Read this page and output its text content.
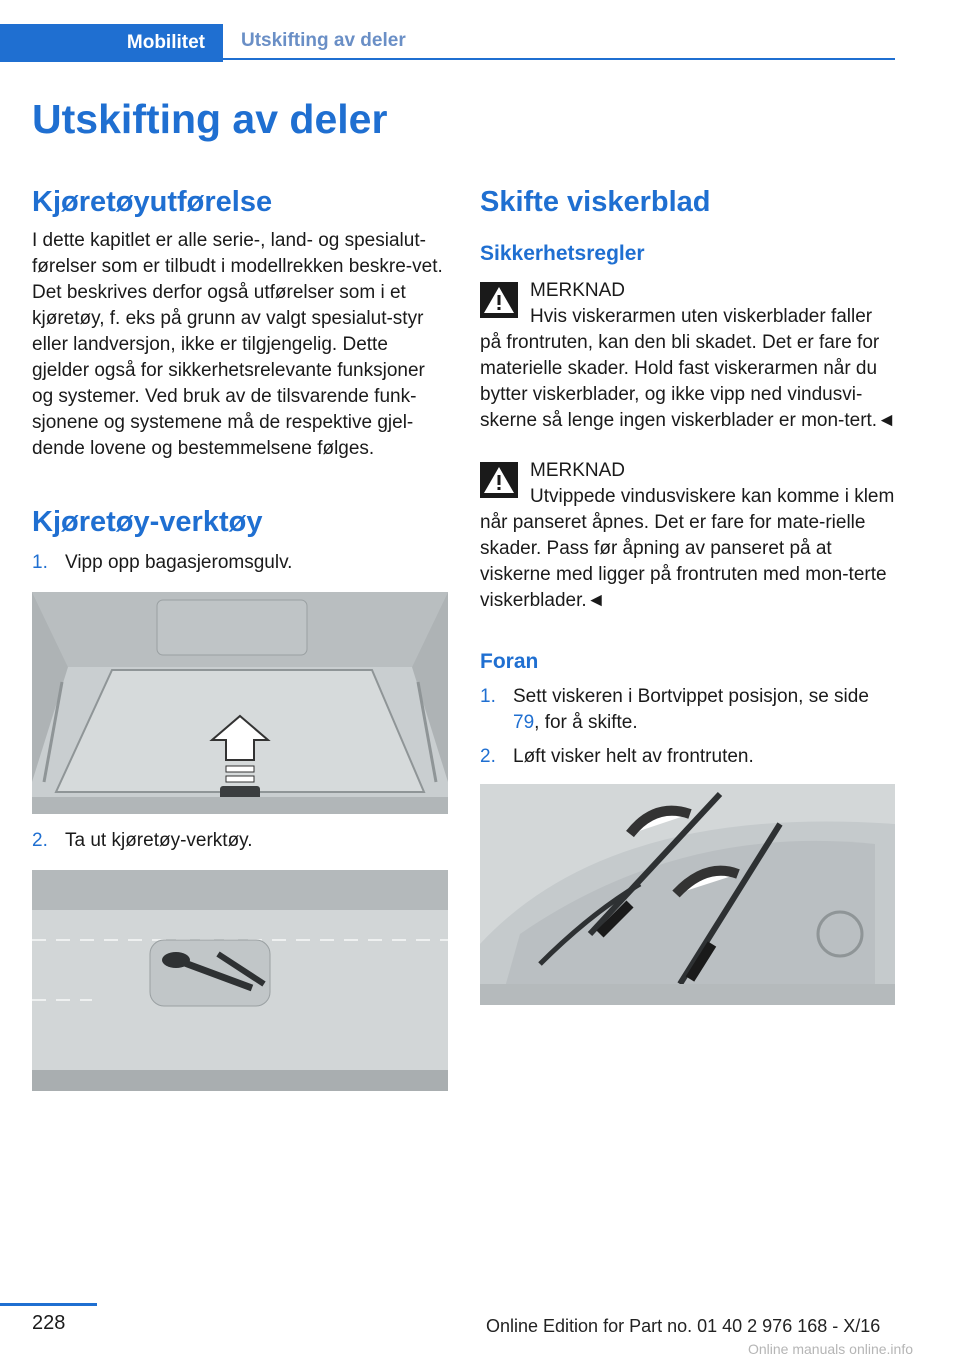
Mobilitet	Utskifting av deler
Utskifting av deler
Kjøretøyutførelse

I dette kapitlet er alle serie-, land- og spesialut-førelser som er tilbudt i modellrekken beskre-vet. Det beskrives derfor også utførelser som i et kjøretøy, f. eks på grunn av valgt spesialut-styr eller landversjon, ikke er tilgjengelig. Dette gjelder også for sikkerhetsrelevante funksjoner og systemer. Ved bruk av de tilsvarende funk-sjonene og systemene må de respektive gjel-dende lovene og bestemmelsene følges.

Kjøretøy-verktøy
1. Vipp opp bagasjeromsgulv.
2. Ta ut kjøretøy-verktøy.
Skifte viskerblad
Sikkerhetsregler
MERKNAD
Hvis viskerarmen uten viskerblader faller på frontruten, kan den bli skadet. Det er fare for materielle skader. Hold fast viskerarmen når du bytter viskerblader, og ikke vipp ned vindusvi-skerne så lenge ingen viskerblader er mon-tert.◄
MERKNAD
Utvippede vindusviskere kan komme i klem når panseret åpnes. Det er fare for mate-rielle skader. Pass før åpning av panseret på at viskerne med ligger på frontruten med mon-terte viskerblader.◄
Foran
1. Sett viskeren i Bortvippet posisjon, se side 79, for å skifte.
2. Løft visker helt av frontruten.
228	Online Edition for Part no. 01 40 2 976 168 - X/16
Online manuals online.info
